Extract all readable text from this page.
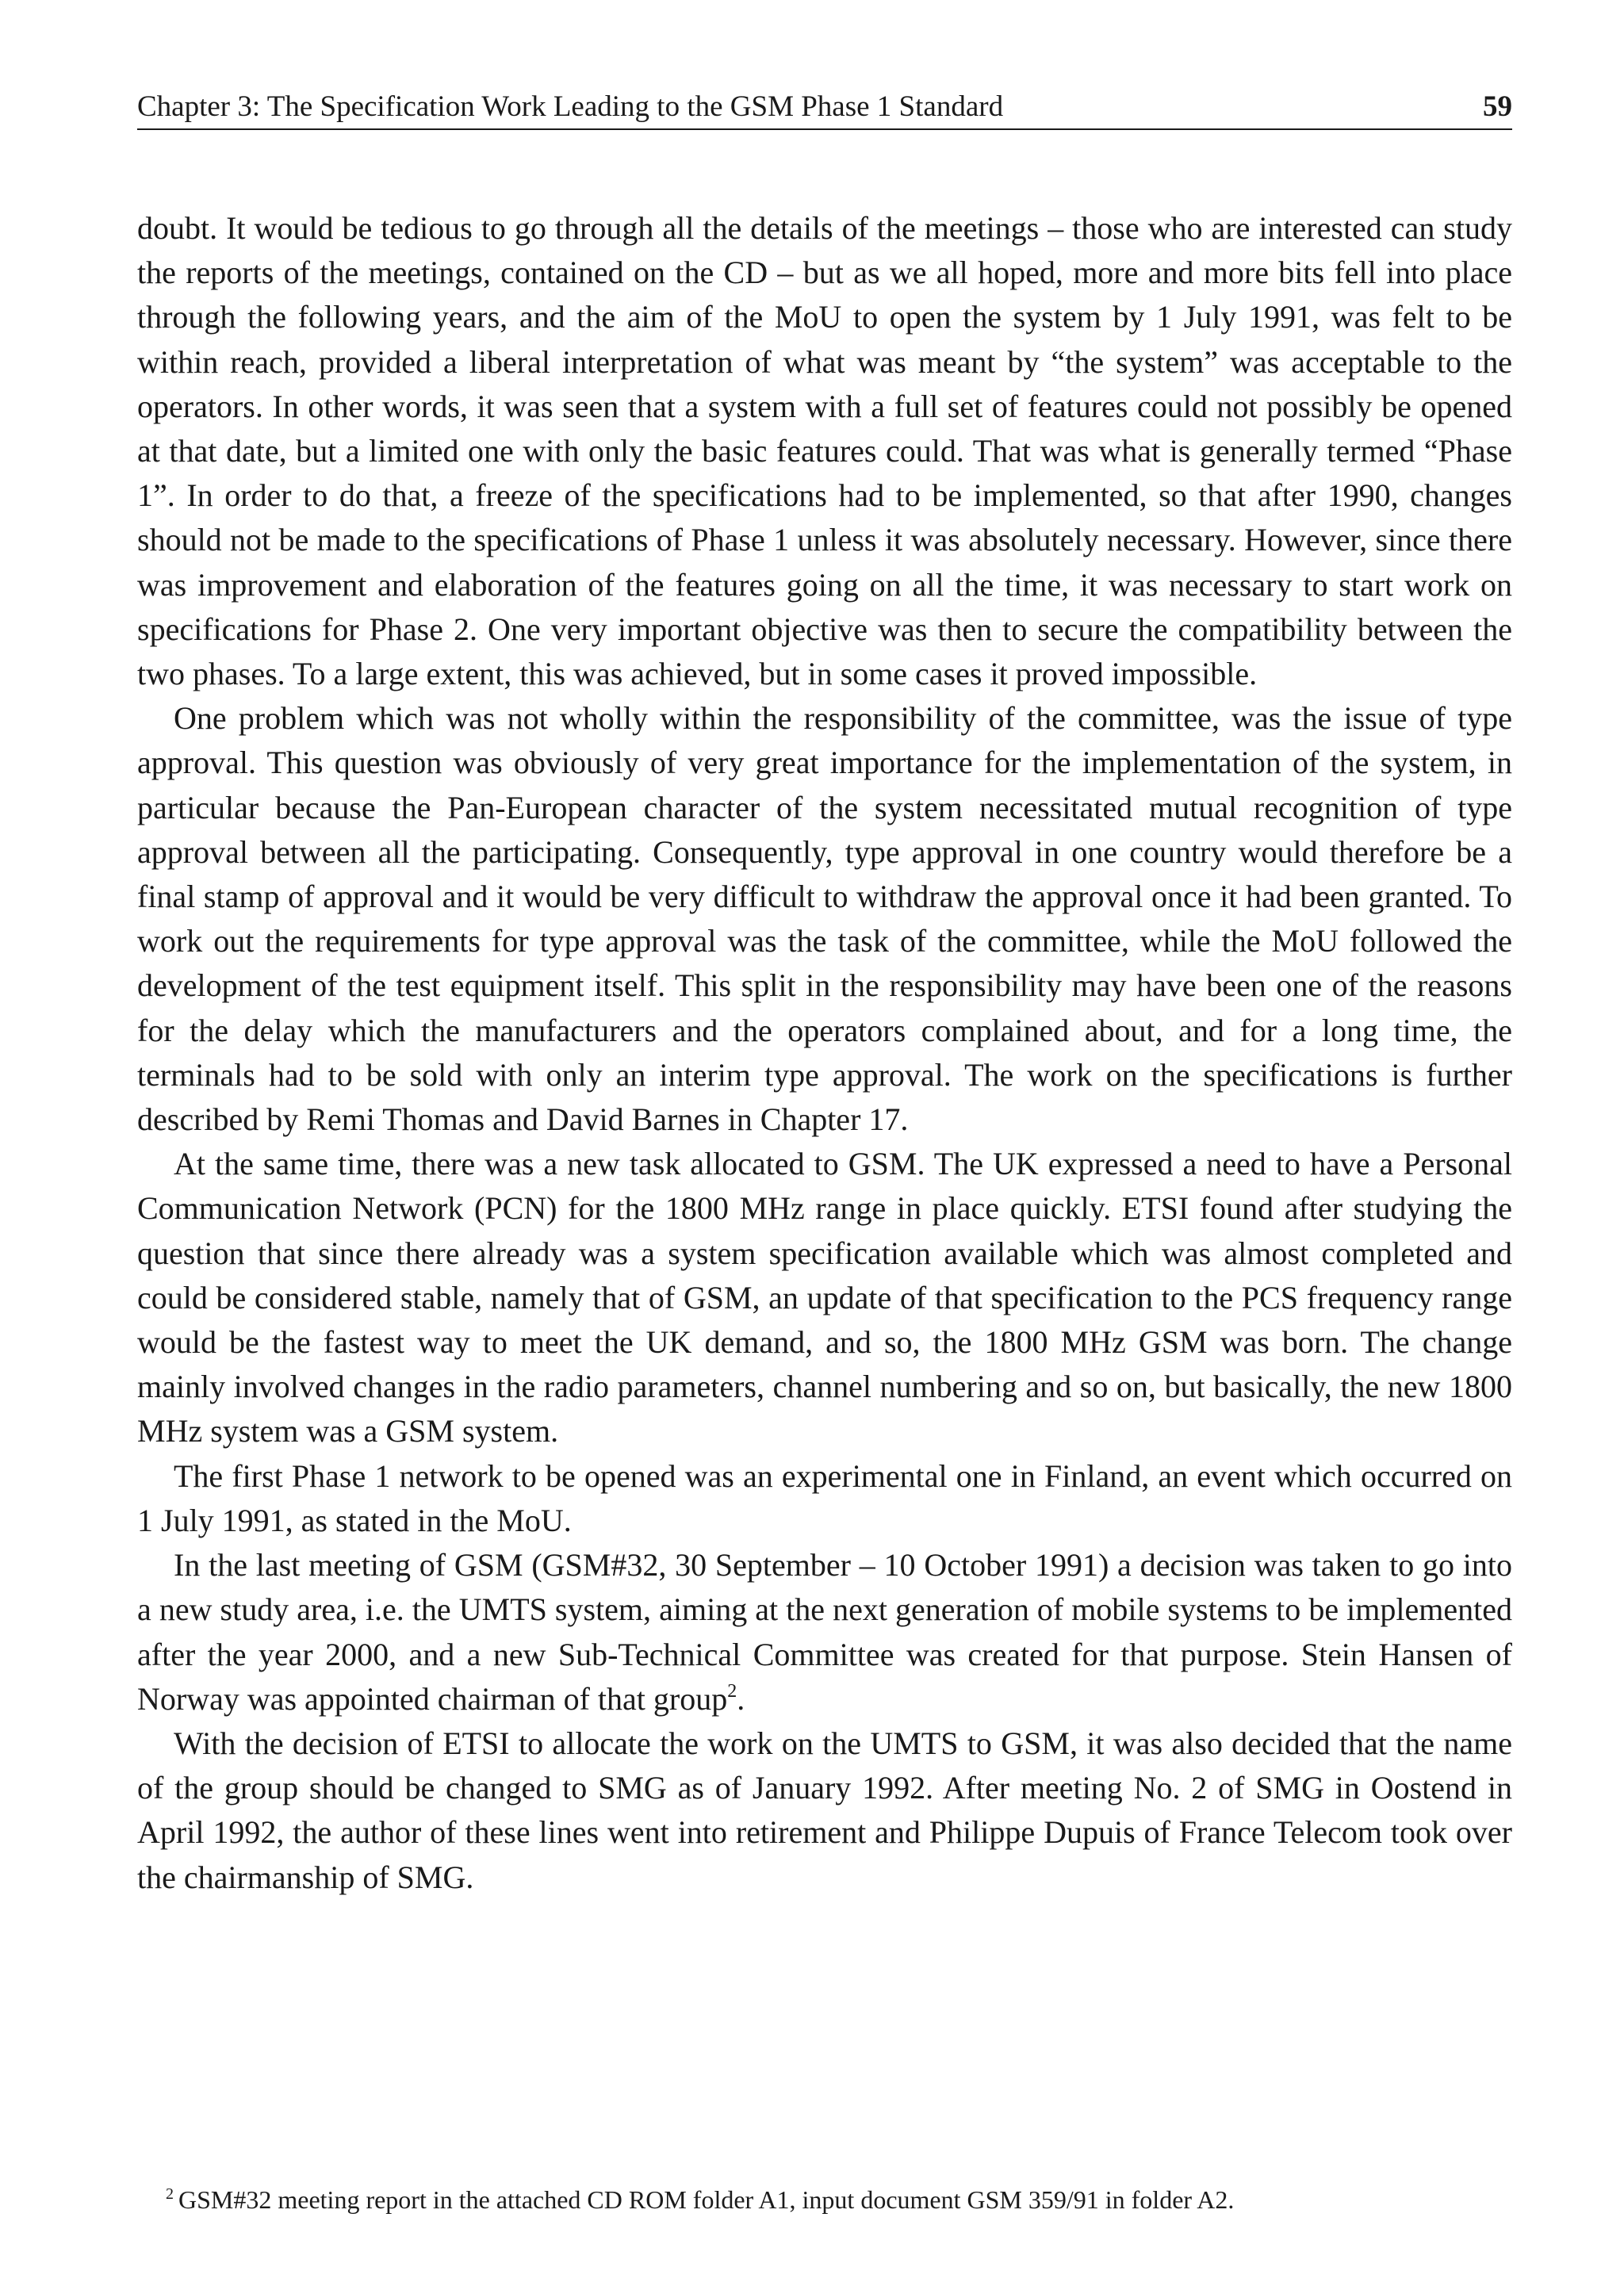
Chapter 3: The Specification Work Leading to the GSM Phase 1 Standard	59

doubt. It would be tedious to go through all the details of the meetings – those who are interested can study the reports of the meetings, contained on the CD – but as we all hoped, more and more bits fell into place through the following years, and the aim of the MoU to open the system by 1 July 1991, was felt to be within reach, provided a liberal interpretation of what was meant by “the system” was acceptable to the operators. In other words, it was seen that a system with a full set of features could not possibly be opened at that date, but a limited one with only the basic features could. That was what is generally termed “Phase 1”. In order to do that, a freeze of the specifications had to be implemented, so that after 1990, changes should not be made to the specifications of Phase 1 unless it was absolutely necessary. However, since there was improvement and elaboration of the features going on all the time, it was necessary to start work on specifications for Phase 2. One very important objective was then to secure the compatibility between the two phases. To a large extent, this was achieved, but in some cases it proved impossible.

One problem which was not wholly within the responsibility of the committee, was the issue of type approval. This question was obviously of very great importance for the implementation of the system, in particular because the Pan-European character of the system necessitated mutual recognition of type approval between all the participating. Consequently, type approval in one country would therefore be a final stamp of approval and it would be very difficult to withdraw the approval once it had been granted. To work out the requirements for type approval was the task of the committee, while the MoU followed the development of the test equipment itself. This split in the responsibility may have been one of the reasons for the delay which the manufacturers and the operators complained about, and for a long time, the terminals had to be sold with only an interim type approval. The work on the specifications is further described by Remi Thomas and David Barnes in Chapter 17.

At the same time, there was a new task allocated to GSM. The UK expressed a need to have a Personal Communication Network (PCN) for the 1800 MHz range in place quickly. ETSI found after studying the question that since there already was a system specification available which was almost completed and could be considered stable, namely that of GSM, an update of that specification to the PCS frequency range would be the fastest way to meet the UK demand, and so, the 1800 MHz GSM was born. The change mainly involved changes in the radio parameters, channel numbering and so on, but basically, the new 1800 MHz system was a GSM system.

The first Phase 1 network to be opened was an experimental one in Finland, an event which occurred on 1 July 1991, as stated in the MoU.

In the last meeting of GSM (GSM#32, 30 September – 10 October 1991) a decision was taken to go into a new study area, i.e. the UMTS system, aiming at the next generation of mobile systems to be implemented after the year 2000, and a new Sub-Technical Committee was created for that purpose. Stein Hansen of Norway was appointed chairman of that group$^2$.

With the decision of ETSI to allocate the work on the UMTS to GSM, it was also decided that the name of the group should be changed to SMG as of January 1992. After meeting No. 2 of SMG in Oostend in April 1992, the author of these lines went into retirement and Philippe Dupuis of France Telecom took over the chairmanship of SMG.

$^2$ GSM#32 meeting report in the attached CD ROM folder A1, input document GSM 359/91 in folder A2.
